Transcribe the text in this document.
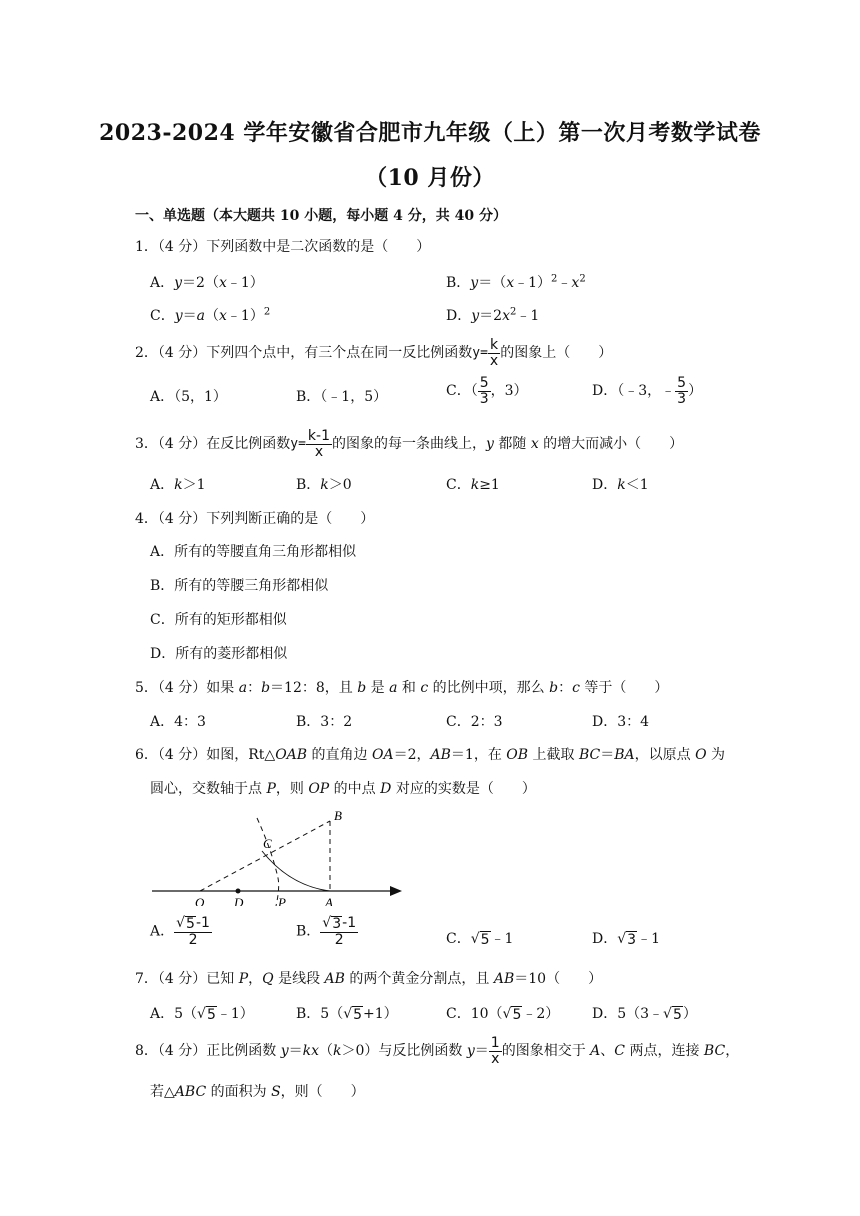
2023-2024 学年安徽省合肥市九年级（上）第一次月考数学试卷
（10 月份）
一、单选题（本大题共 10 小题，每小题 4 分，共 40 分）
1．（4 分）下列函数中是二次函数的是（　　）
A．y＝2（x﹣1）	B．$y=(x﹣1)^2﹣x^2$
C．y＝a（x﹣1）$^2$	D．$y=2x^2﹣1$
2．（4 分）下列四个点中，有三个点在同一反比例函数$y= \frac{k}{x}$ 的图象上（　　）
A．（5，1）	B．（﹣1，5）	C．（ $\frac{5}{3}$ ，3）	D．（﹣3，﹣ $\frac{5}{3}$ ）
3．（4 分）在反比例函数$y= \frac{k-1}{x}$ 的图象的每一条曲线上，y 都随 x 的增大而减小（　　）
A．k＞1	B．k＞0	C．k≥1	D．k＜1
4．（4 分）下列判断正确的是（　　）
A．所有的等腰直角三角形都相似
B．所有的等腰三角形都相似
C．所有的矩形都相似
D．所有的菱形都相似
5．（4 分）如果 a：b＝12：8，且 b 是 a 和 c 的比例中项，那么 b：c 等于（　　）
A．4：3	B．3：2	C．2：3	D．3：4
6．（4 分）如图，Rt△OAB 的直角边 OA＝2，AB＝1，在 OB 上截取 BC＝BA，以原点 O 为
圆心，交数轴于点 P，则 OP 的中点 D 对应的实数是（　　）
B
C
O D	P	A
A． $\frac{√ 5 -1}{2}$	B． $\frac{√ 3 -1}{2}$	C．√ 5 ﹣1	D．√ 3 ﹣1
7．（4 分）已知 P，Q 是线段 AB 的两个黄金分割点，且 AB＝10（　　）
A．5（√ 5 ﹣1）	B．5（√ 5 +1）	C．10（√ 5 ﹣2） D．5（3﹣√ 5 ）
8．（4 分）正比例函数 y＝kx（k＞0）与反比例函数 $y= \frac{1}{x}$ 的图象相交于 A、C 两点，连接 BC，
若△ABC 的面积为 S，则（　　）
